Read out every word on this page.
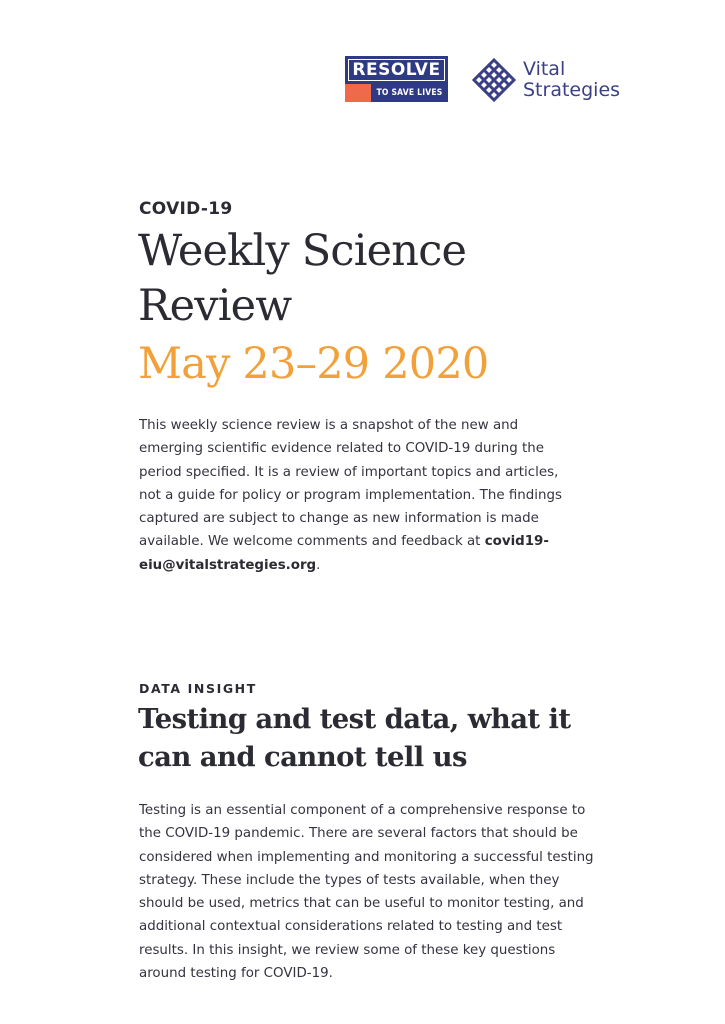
RESOLVE
TO SAVE LIVES
Vital
Strategies
COVID-19
Weekly Science
Review
May 23–29 2020
This weekly science review is a snapshot of the new and emerging scientific evidence related to COVID-19 during the period specified. It is a review of important topics and articles, not a guide for policy or program implementation. The findings captured are subject to change as new information is made available. We welcome comments and feedback at covid19-eiu@vitalstrategies.org.
DATA INSIGHT
Testing and test data, what it can and cannot tell us
Testing is an essential component of a comprehensive response to the COVID-19 pandemic. There are several factors that should be considered when implementing and monitoring a successful testing strategy. These include the types of tests available, when they should be used, metrics that can be useful to monitor testing, and additional contextual considerations related to testing and test results. In this insight, we review some of these key questions around testing for COVID-19.
